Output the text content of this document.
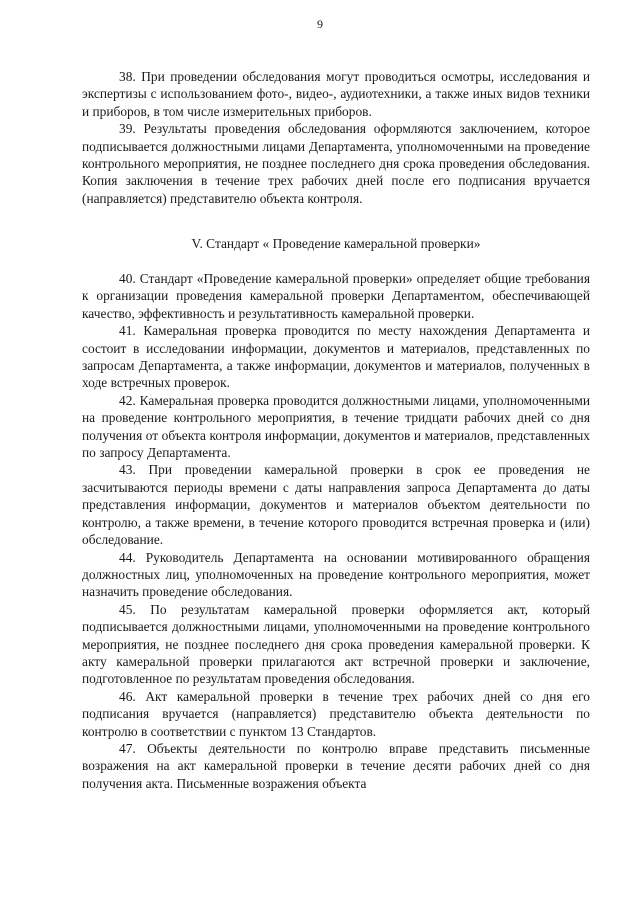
9

38. При проведении обследования могут проводиться осмотры, исследования и экспертизы с использованием фото-, видео-, аудиотехники, а также иных видов техники и приборов, в том числе измерительных приборов.

39. Результаты проведения обследования оформляются заключением, которое подписывается должностными лицами Департамента, уполномоченными на проведение контрольного мероприятия, не позднее последнего дня срока проведения обследования. Копия заключения в течение трех рабочих дней после его подписания вручается (направляется) представителю объекта контроля.

V. Стандарт « Проведение камеральной проверки»

40. Стандарт «Проведение камеральной проверки» определяет общие требования к организации проведения камеральной проверки Департаментом, обеспечивающей качество, эффективность и результативность камеральной проверки.

41. Камеральная проверка проводится по месту нахождения Департамента и состоит в исследовании информации, документов и материалов, представленных по запросам Департамента, а также информации, документов и материалов, полученных в ходе встречных проверок.

42. Камеральная проверка проводится должностными лицами, уполномоченными на проведение контрольного мероприятия, в течение тридцати рабочих дней со дня получения от объекта контроля информации, документов и материалов, представленных по запросу Департамента.

43. При проведении камеральной проверки в срок ее проведения не засчитываются периоды времени с даты направления запроса Департамента до даты представления информации, документов и материалов объектом деятельности по контролю, а также времени, в течение которого проводится встречная проверка и (или) обследование.

44. Руководитель Департамента на основании мотивированного обращения должностных лиц, уполномоченных на проведение контрольного мероприятия, может назначить проведение обследования.

45. По результатам камеральной проверки оформляется акт, который подписывается должностными лицами, уполномоченными на проведение контрольного мероприятия, не позднее последнего дня срока проведения камеральной проверки. К акту камеральной проверки прилагаются акт встречной проверки и заключение, подготовленное по результатам проведения обследования.

46. Акт камеральной проверки в течение трех рабочих дней со дня его подписания вручается (направляется) представителю объекта деятельности по контролю в соответствии с пунктом 13 Стандартов.

47. Объекты деятельности по контролю вправе представить письменные возражения на акт камеральной проверки в течение десяти рабочих дней со дня получения акта. Письменные возражения объекта
